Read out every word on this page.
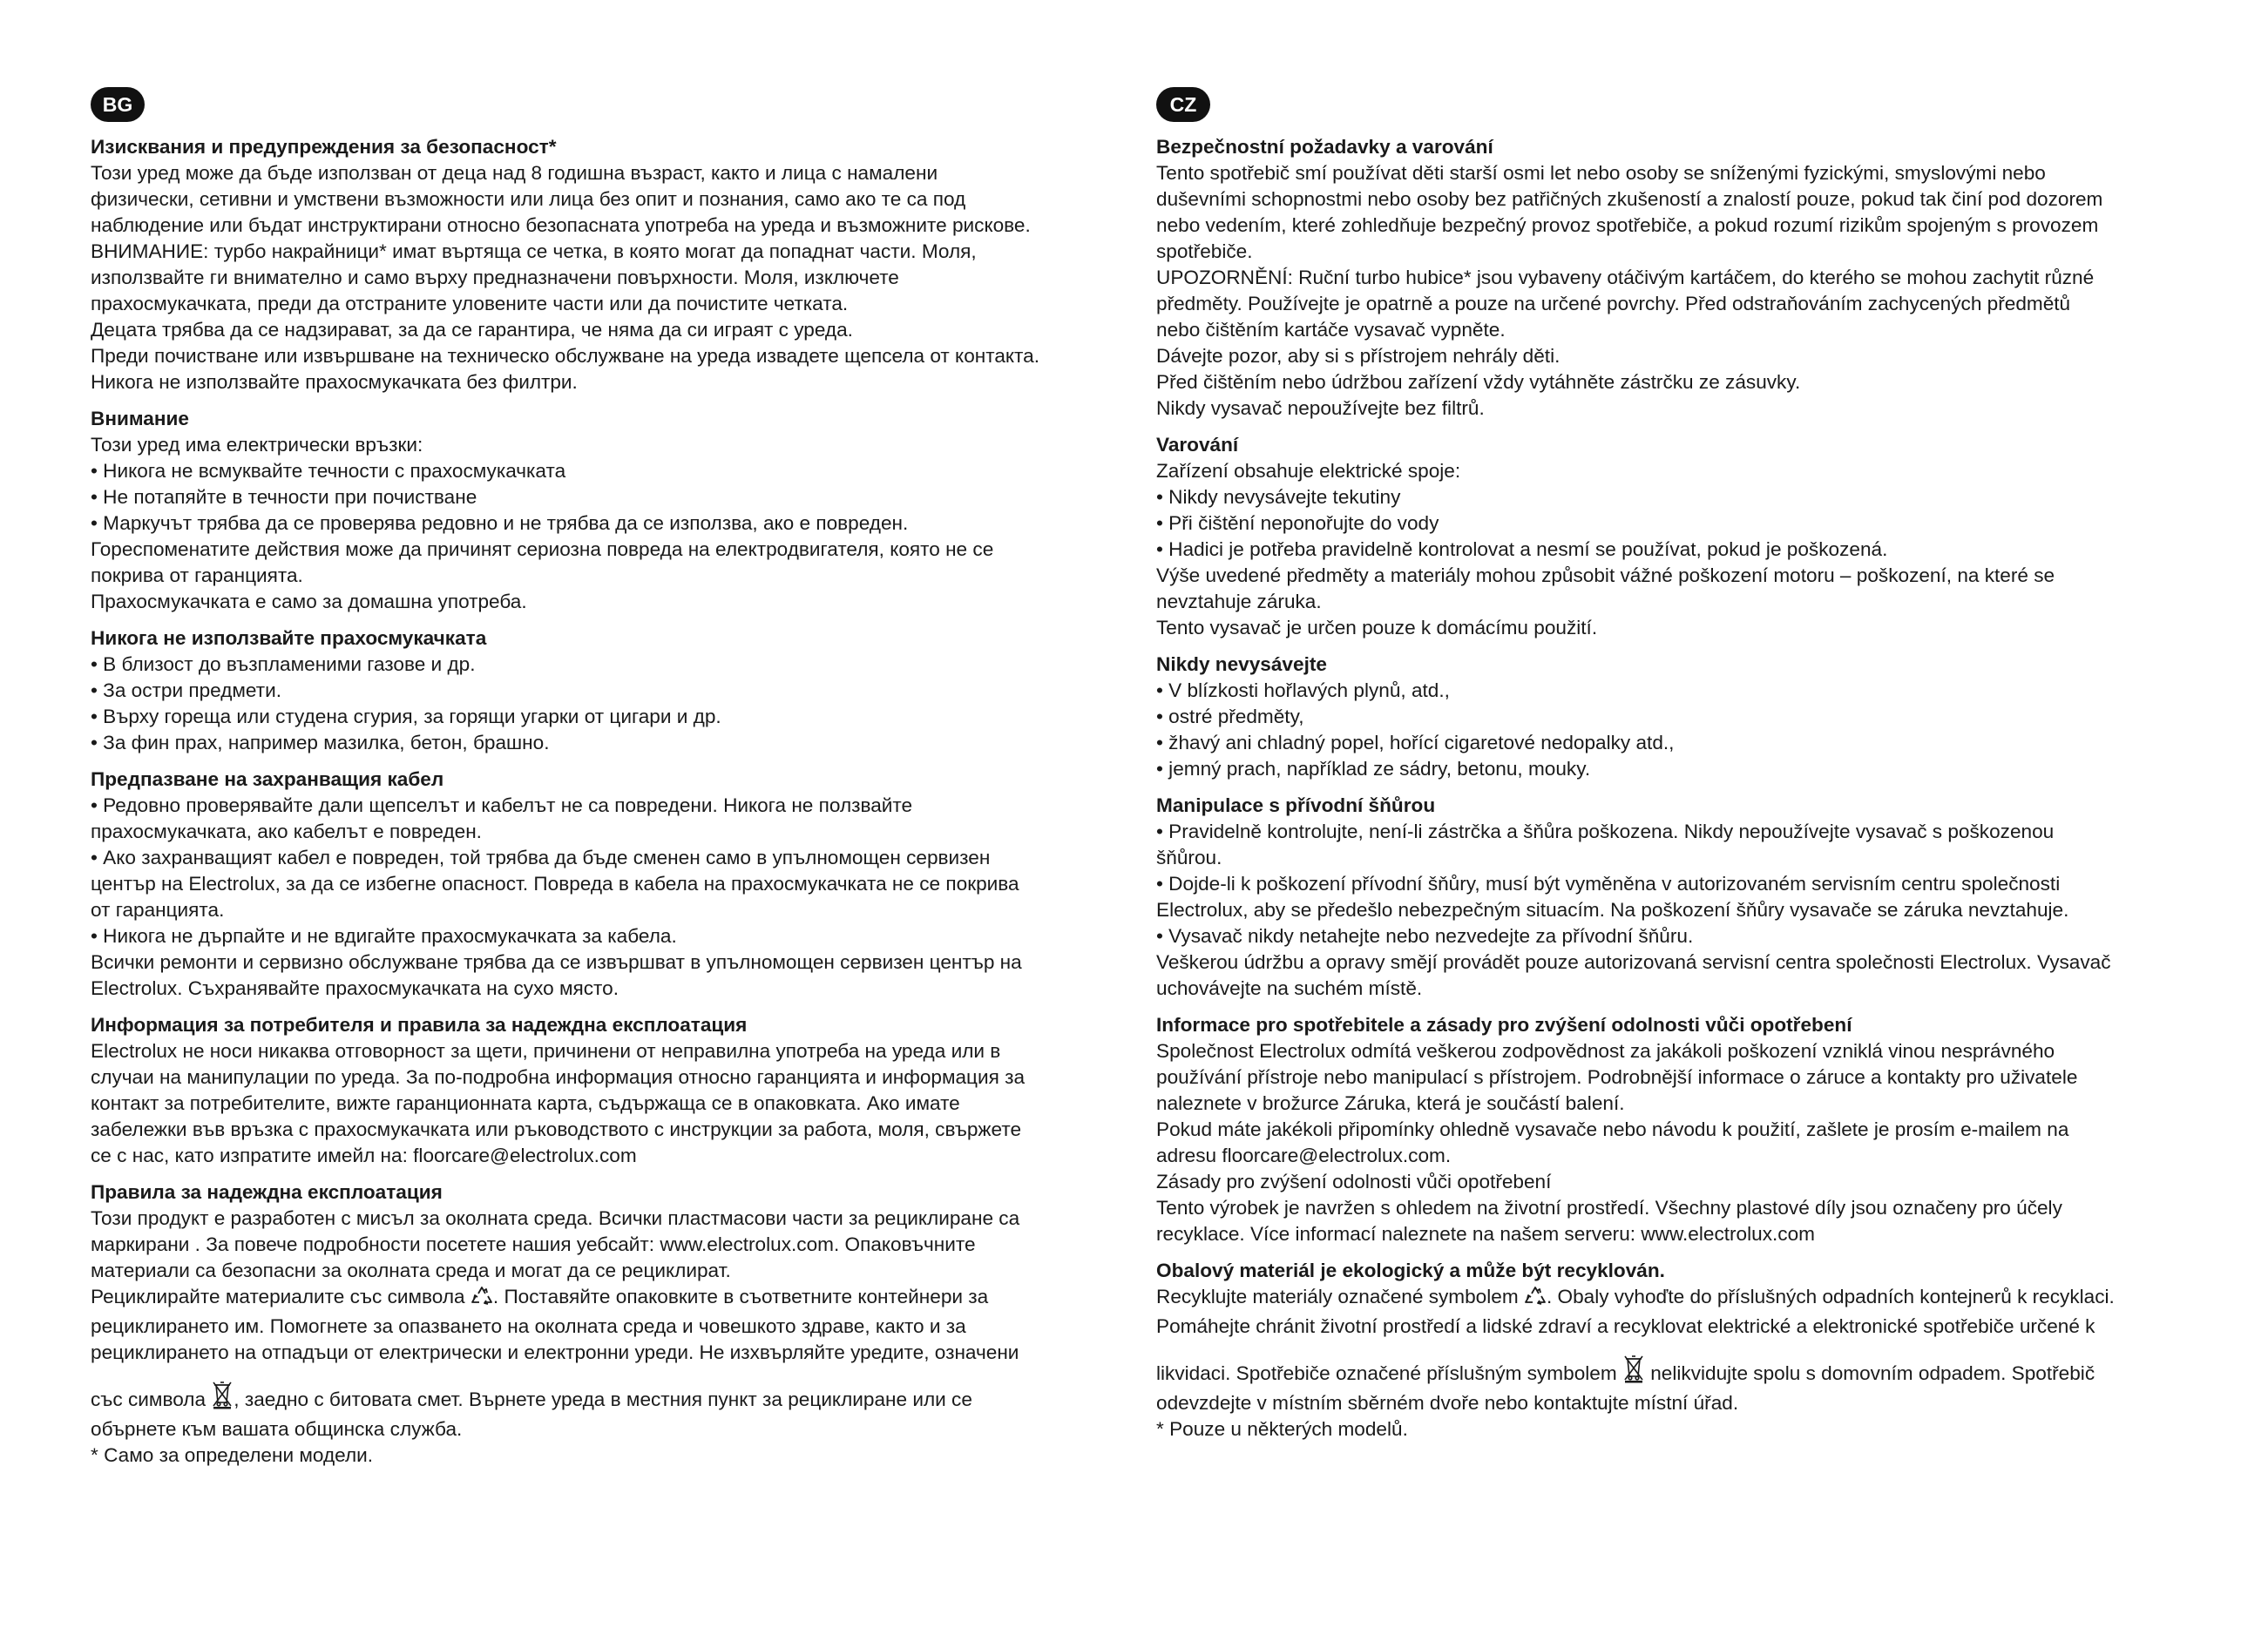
BG

Изисквания и предупреждения за безопасност*

Този уред може да бъде използван от деца над 8 годишна възраст, както и лица с намалени

физически, сетивни и умствени възможности или лица без опит и познания, само ако те са под

наблюдение или бъдат инструктирани относно безопасната употреба на уреда и възможните рискове.

ВНИМАНИЕ: турбо накрайници* имат въртяща се четка, в която могат да попаднат части. Моля,

използвайте ги внимателно и само върху предназначени повърхности. Моля, изключете

прахосмукачката, преди да отстраните уловените части или да почистите четката.

Децата трябва да се надзирават, за да се гарантира, че няма да си играят с уреда.

Преди почистване или извършване на техническо обслужване на уреда извадете щепсела от контакта.

Никога не използвайте прахосмукачката без филтри.

Внимание

Този уред има електрически връзки:

• Никога не всмуквайте течности с прахосмукачката

• Не потапяйте в течности при почистване

• Маркучът трябва да се проверява редовно и не трябва да се използва, ако е повреден.

Гореспоменатите действия може да причинят сериозна повреда на електродвигателя, която не се

покрива от гаранцията.

Прахосмукачката е само за домашна употреба.

Никога не използвайте прахосмукачката

• В близост до възпламеними газове и др.

• За остри предмети.

• Върху гореща или студена сгурия, за горящи угарки от цигари и др.

• За фин прах, например мазилка, бетон, брашно.

Предпазване на захранващия кабел

• Редовно проверявайте дали щепселът и кабелът не са повредени. Никога не ползвайте

прахосмукачката, ако кабелът е повреден.

• Ако захранващият кабел е повреден, той трябва да бъде сменен само в упълномощен сервизен

център на Electrolux, за да се избегне опасност. Повреда в кабела на прахосмукачката не се покрива

от гаранцията.

• Никога не дърпайте и не вдигайте прахосмукачката за кабела.

Всички ремонти и сервизно обслужване трябва да се извършват в упълномощен сервизен център на

Electrolux. Съхранявайте прахосмукачката на сухо място.

Информация за потребителя и правила за надеждна експлоатация

Electrolux не носи никаква отговорност за щети, причинени от неправилна употреба на уреда или в

случаи на манипулации по уреда. За по-подробна информация относно гаранцията и информация за

контакт за потребителите, вижте гаранционната карта, съдържаща се в опаковката. Ако имате

забележки във връзка с прахосмукачката или ръководството с инструкции за работа, моля, свържете

се с нас, като изпратите имейл на: floorcare@electrolux.com

Правила за надеждна експлоатация

Този продукт е разработен с мисъл за околната среда. Всички пластмасови части за рециклиране са

маркирани . За повече подробности посетете нашия уебсайт: www.electrolux.com. Опаковъчните

материали са безопасни за околната среда и могат да се рециклират.

Рециклирайте материалите със символа . Поставяйте опаковките в съответните контейнери за

рециклирането им. Помогнете за опазването на околната среда и човешкото здраве, както и за

рециклирането на отпадъци от електрически и електронни уреди. Не изхвърляйте уредите, означени

със символа , заедно с битовата смет. Върнете уреда в местния пункт за рециклиране или се

обърнете към вашата общинска служба.

* Само за определени модели.

CZ

Bezpečnostní požadavky a varování

Tento spotřebič smí používat děti starší osmi let nebo osoby se sníženými fyzickými, smyslovými nebo

duševními schopnostmi nebo osoby bez patřičných zkušeností a znalostí pouze, pokud tak činí pod dozorem

nebo vedením, které zohledňuje bezpečný provoz spotřebiče, a pokud rozumí rizikům spojeným s provozem

spotřebiče.

UPOZORNĚNÍ: Ruční turbo hubice* jsou vybaveny otáčivým kartáčem, do kterého se mohou zachytit různé

předměty. Používejte je opatrně a pouze na určené povrchy. Před odstraňováním zachycených předmětů

nebo čištěním kartáče vysavač vypněte.

Dávejte pozor, aby si s přístrojem nehrály děti.

Před čištěním nebo údržbou zařízení vždy vytáhněte zástrčku ze zásuvky.

Nikdy vysavač nepoužívejte bez filtrů.

Varování

Zařízení obsahuje elektrické spoje:

• Nikdy nevysávejte tekutiny

• Při čištění neponořujte do vody

• Hadici je potřeba pravidelně kontrolovat a nesmí se používat, pokud je poškozená.

Výše uvedené předměty a materiály mohou způsobit vážné poškození motoru – poškození, na které se

nevztahuje záruka.

Tento vysavač je určen pouze k domácímu použití.

Nikdy nevysávejte

• V blízkosti hořlavých plynů, atd.,

• ostré předměty,

• žhavý ani chladný popel, hořící cigaretové nedopalky atd.,

• jemný prach, například ze sádry, betonu, mouky.

Manipulace s přívodní šňůrou

• Pravidelně kontrolujte, není-li zástrčka a šňůra poškozena. Nikdy nepoužívejte vysavač s poškozenou

šňůrou.

• Dojde-li k poškození přívodní šňůry, musí být vyměněna v autorizovaném servisním centru společnosti

Electrolux, aby se předešlo nebezpečným situacím. Na poškození šňůry vysavače se záruka nevztahuje.

• Vysavač nikdy netahejte nebo nezvedejte za přívodní šňůru.

Veškerou údržbu a opravy smějí provádět pouze autorizovaná servisní centra společnosti Electrolux. Vysavač

uchovávejte na suchém místě.

Informace pro spotřebitele a zásady pro zvýšení odolnosti vůči opotřebení

Společnost Electrolux odmítá veškerou zodpovědnost za jakákoli poškození vzniklá vinou nesprávného

používání přístroje nebo manipulací s přístrojem. Podrobnější informace o záruce a kontakty pro uživatele

naleznete v brožurce Záruka, která je součástí balení.

Pokud máte jakékoli připomínky ohledně vysavače nebo návodu k použití, zašlete je prosím e-mailem na

adresu floorcare@electrolux.com.

Zásady pro zvýšení odolnosti vůči opotřebení

Tento výrobek je navržen s ohledem na životní prostředí. Všechny plastové díly jsou označeny pro účely

recyklace. Více informací naleznete na našem serveru: www.electrolux.com

Obalový materiál je ekologický a může být recyklován.

Recyklujte materiály označené symbolem . Obaly vyhoďte do příslušných odpadních kontejnerů k recyklaci.

Pomáhejte chránit životní prostředí a lidské zdraví a recyklovat elektrické a elektronické spotřebiče určené k

likvidaci. Spotřebiče označené příslušným symbolem  nelikvidujte spolu s domovním odpadem. Spotřebič

odevzdejte v místním sběrném dvoře nebo kontaktujte místní úřad.

* Pouze u některých modelů.
